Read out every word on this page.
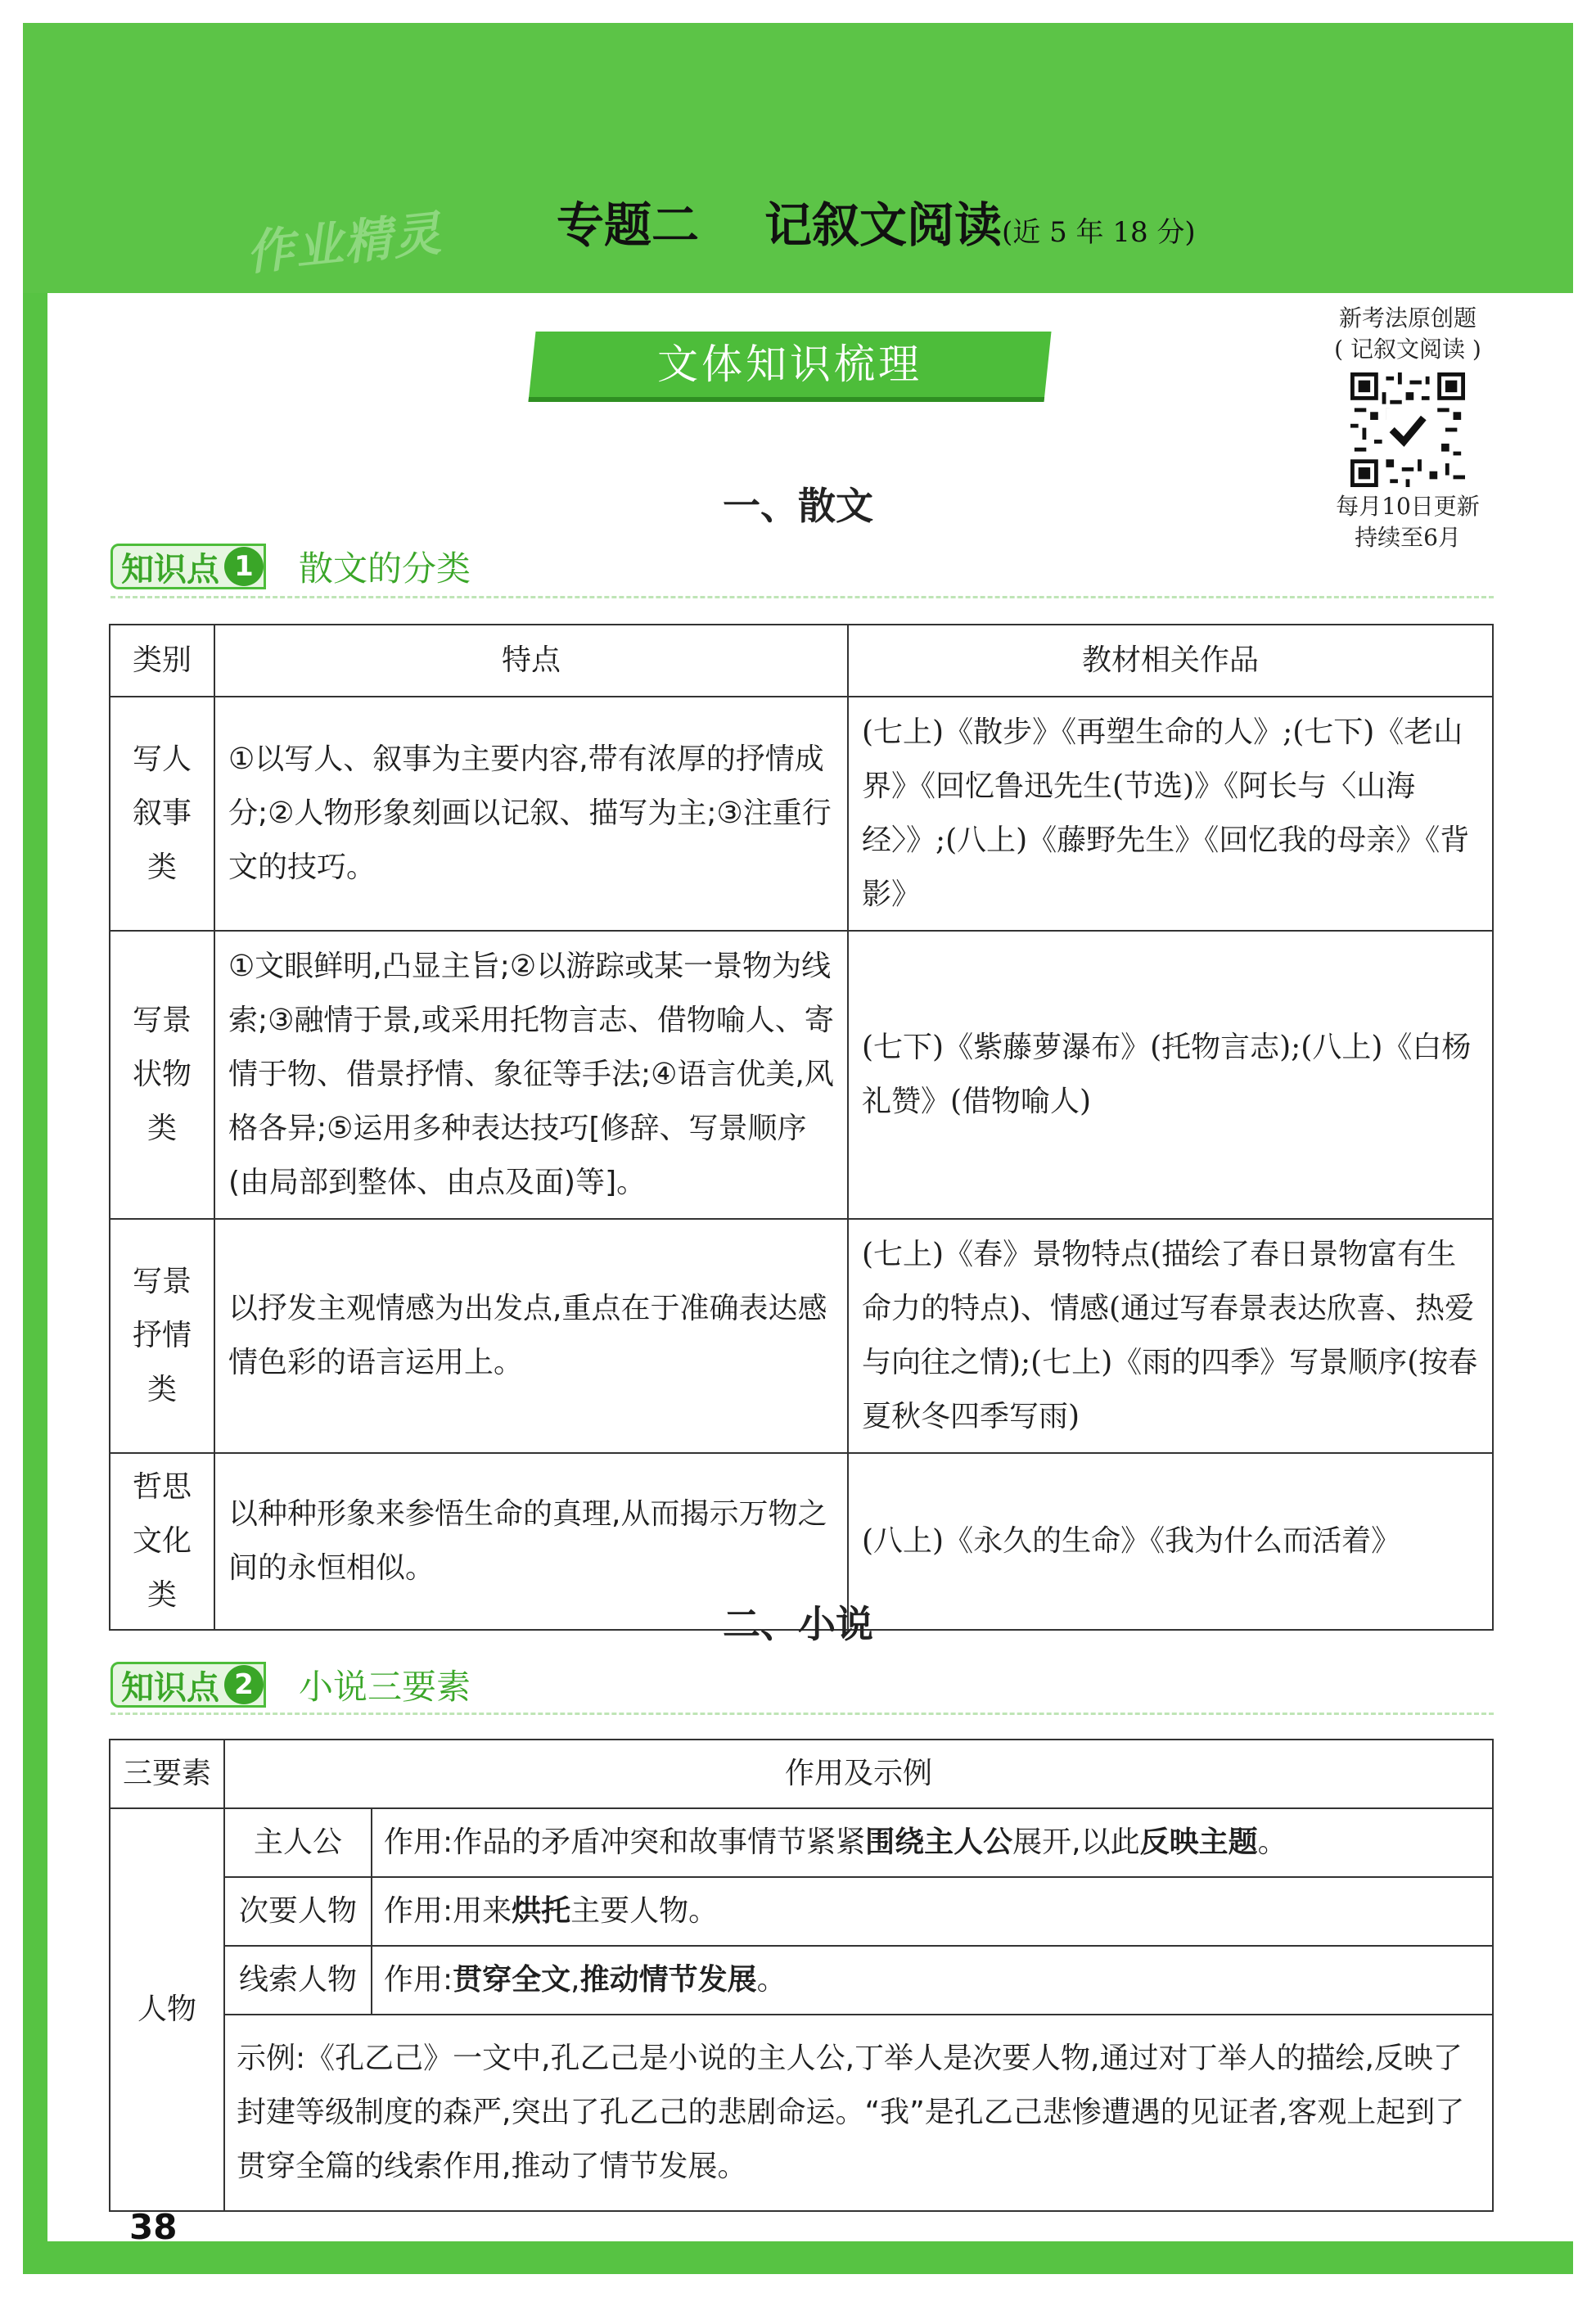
作业精灵 专题二 记叙文阅读 (近 5 年 18 分)
文体知识梳理
新考法原创题
( 记叙文阅读 )
每月10日更新
持续至6月
一、散文
知识点 1 散文的分类
类别	特点	教材相关作品
写人叙事类	①以写人、叙事为主要内容,带有浓厚的抒情成分;②人物形象刻画以记叙、描写为主;③注重行文的技巧。	(七上)《散步》《再塑生命的人》;(七下)《老山界》《回忆鲁迅先生(节选)》《阿长与〈山海经〉》;(八上)《藤野先生》《回忆我的母亲》《背影》
写景状物类	①文眼鲜明,凸显主旨;②以游踪或某一景物为线索;③融情于景,或采用托物言志、借物喻人、寄情于物、借景抒情、象征等手法;④语言优美,风格各异;⑤运用多种表达技巧[修辞、写景顺序(由局部到整体、由点及面)等]。	(七下)《紫藤萝瀑布》(托物言志);(八上)《白杨礼赞》(借物喻人)
写景抒情类	以抒发主观情感为出发点,重点在于准确表达感情色彩的语言运用上。	(七上)《春》景物特点(描绘了春日景物富有生命力的特点)、情感(通过写春景表达欣喜、热爱与向往之情);(七上)《雨的四季》写景顺序(按春夏秋冬四季写雨)
哲思文化类	以种种形象来参悟生命的真理,从而揭示万物之间的永恒相似。	(八上)《永久的生命》《我为什么而活着》
二、小说
知识点 2 小说三要素
三要素	作用及示例	
人物	主人公	作用:作品的矛盾冲突和故事情节紧紧围绕主人公展开,以此反映主题。
	次要人物	作用:用来烘托主要人物。
	线索人物	作用:贯穿全文,推动情节发展。
	示例:《孔乙己》一文中,孔乙己是小说的主人公,丁举人是次要人物,通过对丁举人的描绘,反映了封建等级制度的森严,突出了孔乙己的悲剧命运。“我”是孔乙己悲惨遭遇的见证者,客观上起到了贯穿全篇的线索作用,推动了情节发展。	
38
